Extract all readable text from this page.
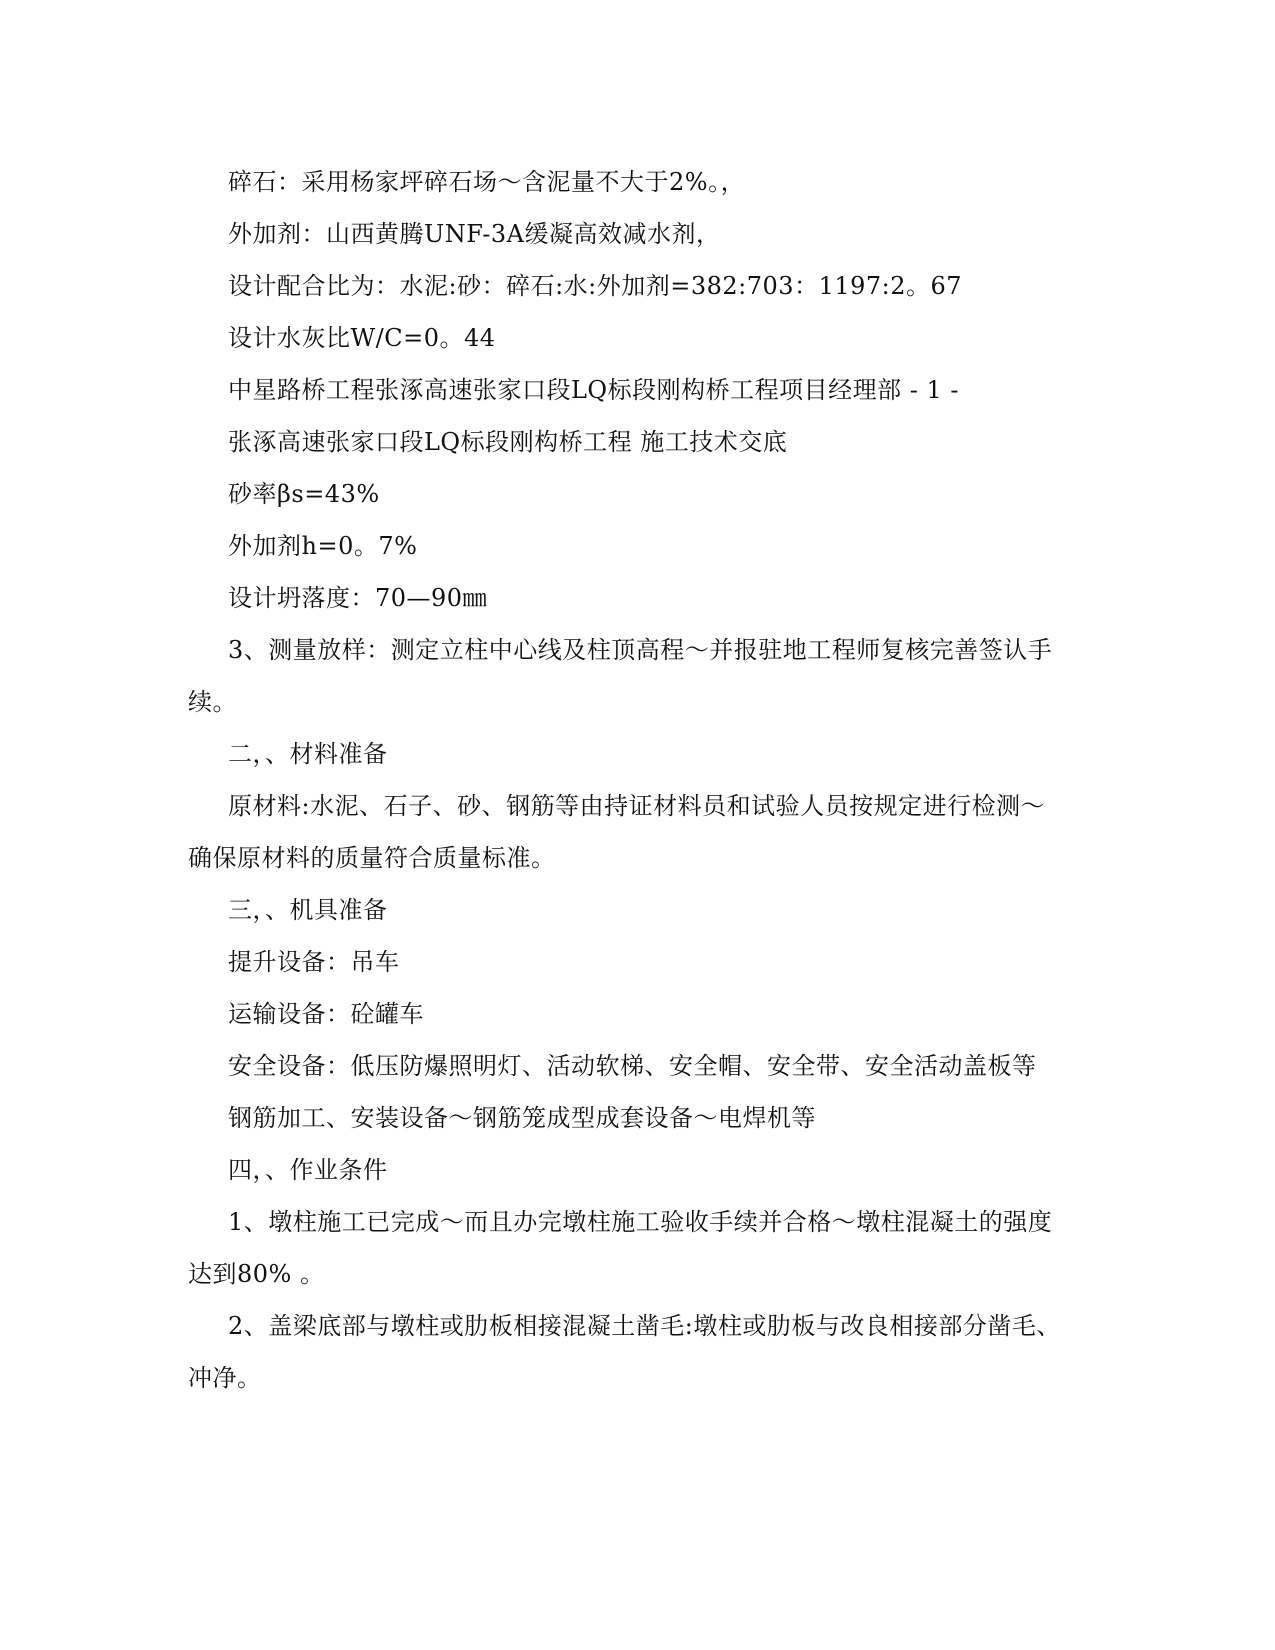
碎石：采用杨家坪碎石场～含泥量不大于2%。，
外加剂：山西黄腾UNF-3A缓凝高效减水剂，
设计配合比为：水泥:砂：碎石:水:外加剂=382:703：1197:2。67
设计水灰比W/C=0。44
中星路桥工程张涿高速张家口段LQ标段刚构桥工程项目经理部 - 1 -
张涿高速张家口段LQ标段刚构桥工程 施工技术交底
砂率βs=43%
外加剂h=0。7%
设计坍落度：70—90㎜
3、测量放样：测定立柱中心线及柱顶高程～并报驻地工程师复核完善签认手
续。
二，、材料准备
原材料:水泥、石子、砂、钢筋等由持证材料员和试验人员按规定进行检测～
确保原材料的质量符合质量标准。
三，、机具准备
提升设备：吊车
运输设备：砼罐车
安全设备：低压防爆照明灯、活动软梯、安全帽、安全带、安全活动盖板等
钢筋加工、安装设备～钢筋笼成型成套设备～电焊机等
四，、作业条件
1、墩柱施工已完成～而且办完墩柱施工验收手续并合格～墩柱混凝土的强度
达到80% 。
2、盖梁底部与墩柱或肋板相接混凝土凿毛:墩柱或肋板与改良相接部分凿毛、
冲净。
